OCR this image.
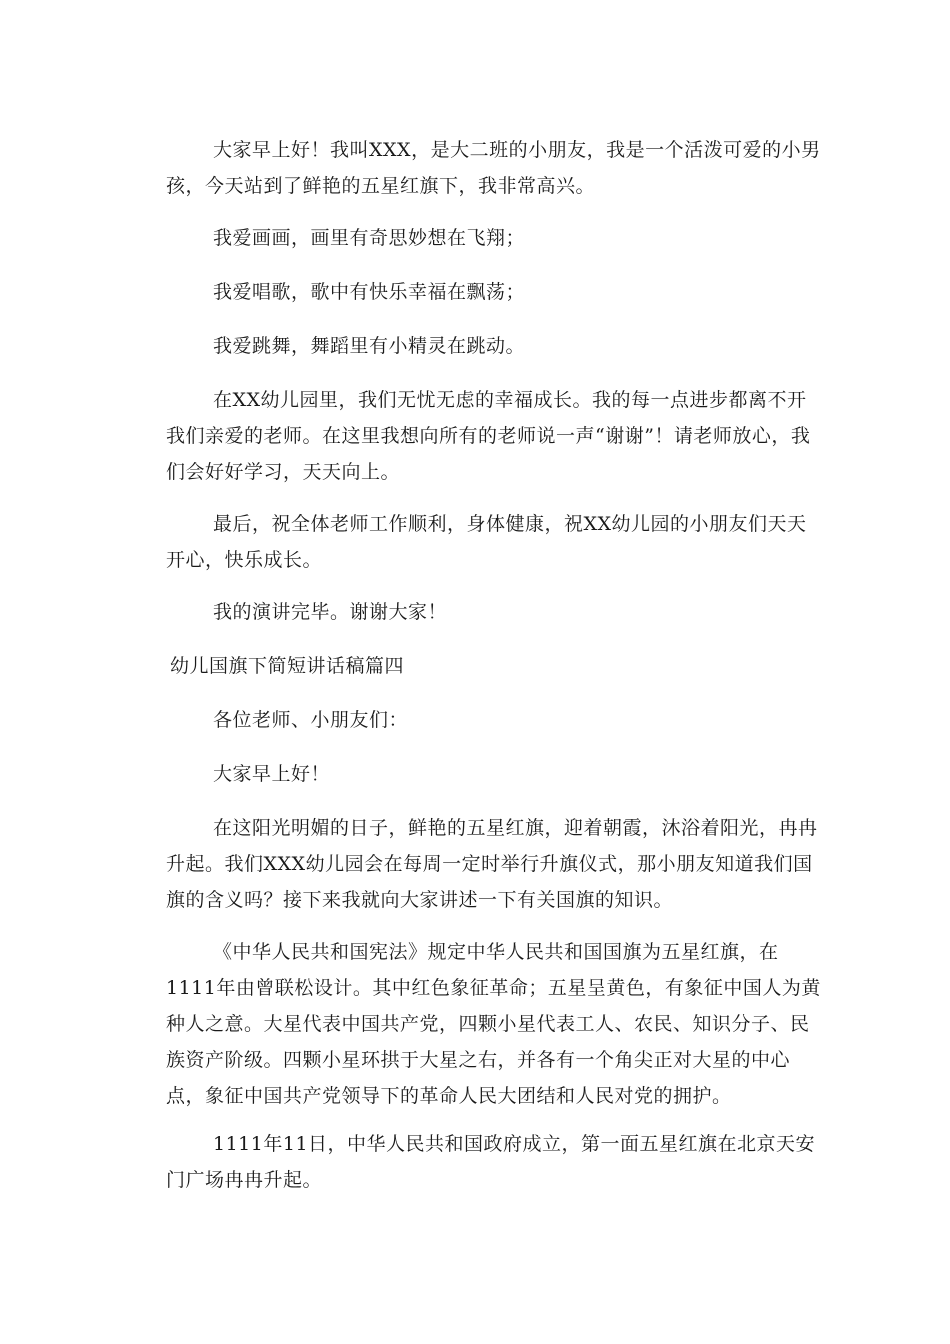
大家早上好！我叫XXX，是大二班的小朋友，我是一个活泼可爱的小男孩，今天站到了鲜艳的五星红旗下，我非常高兴。

我爱画画，画里有奇思妙想在飞翔；

我爱唱歌，歌中有快乐幸福在飘荡；

我爱跳舞，舞蹈里有小精灵在跳动。

在XX幼儿园里，我们无忧无虑的幸福成长。我的每一点进步都离不开我们亲爱的老师。在这里我想向所有的老师说一声“谢谢”！请老师放心，我们会好好学习，天天向上。

最后，祝全体老师工作顺利，身体健康，祝XX幼儿园的小朋友们天天开心，快乐成长。

我的演讲完毕。谢谢大家！

幼儿国旗下简短讲话稿篇四

各位老师、小朋友们：

大家早上好！

在这阳光明媚的日子，鲜艳的五星红旗，迎着朝霞，沐浴着阳光，冉冉升起。我们XXX幼儿园会在每周一定时举行升旗仪式，那小朋友知道我们国旗的含义吗？接下来我就向大家讲述一下有关国旗的知识。

《中华人民共和国宪法》规定中华人民共和国国旗为五星红旗，在1111年由曾联松设计。其中红色象征革命；五星呈黄色，有象征中国人为黄种人之意。大星代表中国共产党，四颗小星代表工人、农民、知识分子、民族资产阶级。四颗小星环拱于大星之右，并各有一个角尖正对大星的中心点，象征中国共产党领导下的革命人民大团结和人民对党的拥护。

1111年11日，中华人民共和国政府成立，第一面五星红旗在北京天安门广场冉冉升起。
